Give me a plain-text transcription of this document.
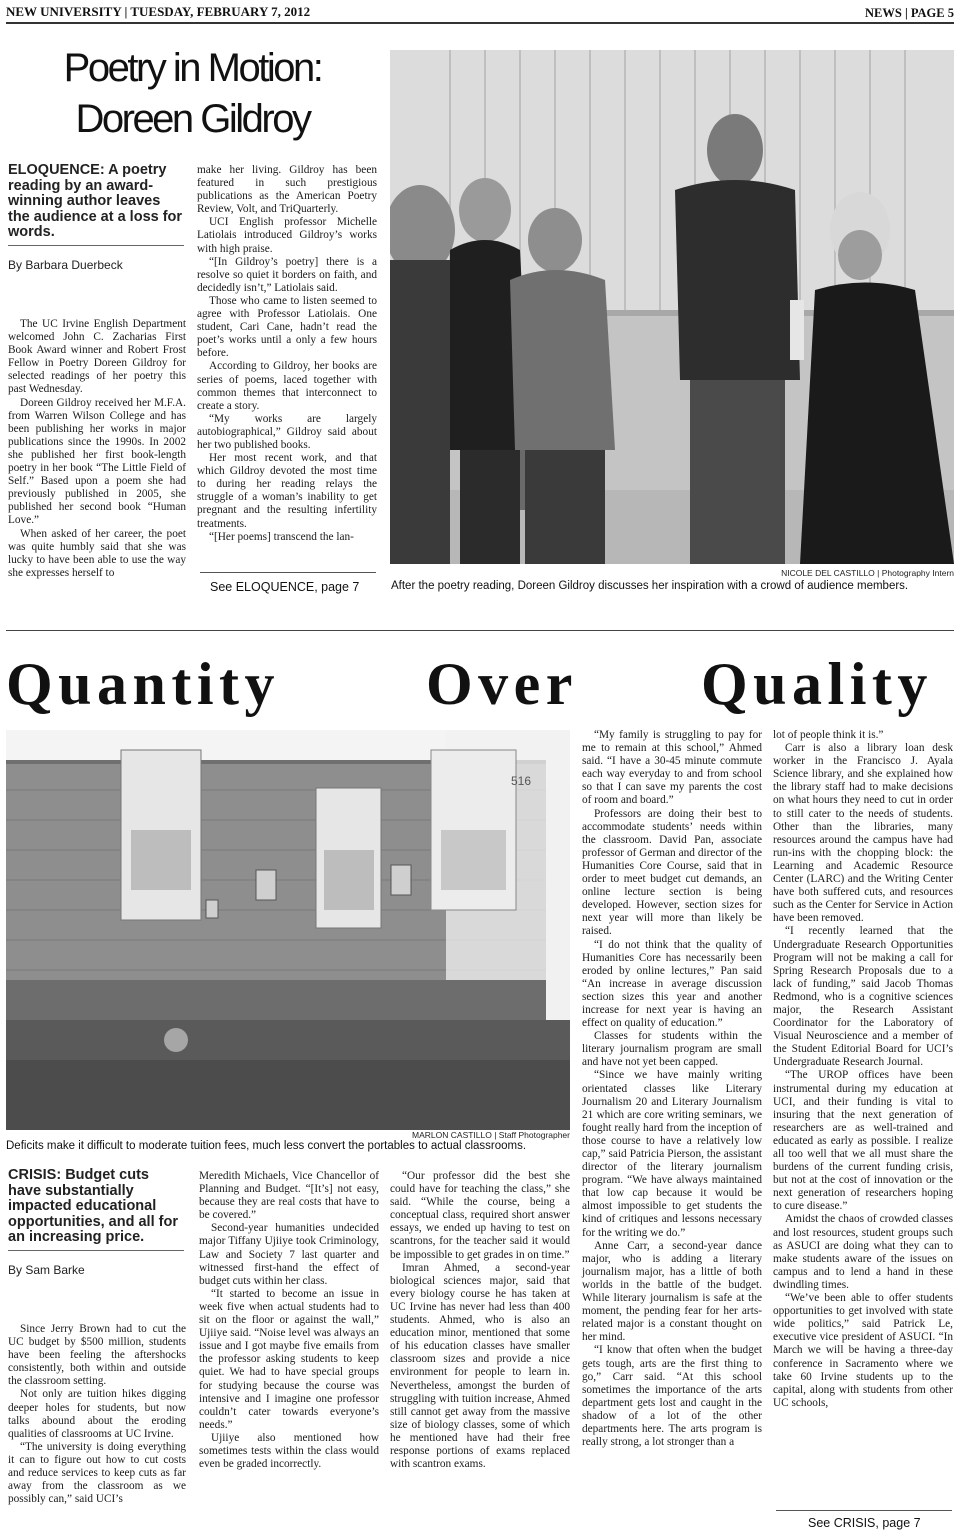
NEW UNIVERSITY | TUESDAY, FEBRUARY 7, 2012	NEWS | PAGE 5
Poetry in Motion:
Doreen Gildroy
ELOQUENCE: A poetry reading by an award-winning author leaves the audience at a loss for words.
By Barbara Duerbeck

The UC Irvine English Department welcomed John C. Zacharias First Book Award winner and Robert Frost Fellow in Poetry Doreen Gildroy for selected readings of her poetry this past Wednesday.

Doreen Gildroy received her M.F.A. from Warren Wilson College and has been publishing her works in major publications since the 1990s. In 2002 she published her first book-length poetry in her book “The Little Field of Self.” Based upon a poem she had previously published in 2005, she published her second book “Human Love.”

When asked of her career, the poet was quite humbly said that she was lucky to have been able to use the way she expresses herself to

make her living. Gildroy has been featured in such prestigious publications as the American Poetry Review, Volt, and TriQuarterly.

UCI English professor Michelle Latiolais introduced Gildroy’s works with high praise.

“[In Gildroy’s poetry] there is a resolve so quiet it borders on faith, and decidedly isn’t,” Latiolais said.

Those who came to listen seemed to agree with Professor Latiolais. One student, Cari Cane, hadn’t read the poet’s works until a only a few hours before.

According to Gildroy, her books are series of poems, laced together with common themes that interconnect to create a story.

“My works are largely autobiographical,” Gildroy said about her two published books.

Her most recent work, and that which Gildroy devoted the most time to during her reading relays the struggle of a woman’s inability to get pregnant and the resulting infertility treatments.

“[Her poems] transcend the lan-

See ELOQUENCE, page 7
NICOLE DEL CASTILLO | Photography Intern
After the poetry reading, Doreen Gildroy discusses her inspiration with a crowd of audience members.
Quantity Over Quality
516
MARLON CASTILLO | Staff Photographer
Deficits make it difficult to moderate tuition fees, much less convert the portables to actual classrooms.
CRISIS: Budget cuts have substantially impacted educational opportunities, and all for an increasing price.
By Sam Barke

Since Jerry Brown had to cut the UC budget by $500 million, students have been feeling the aftershocks consistently, both within and outside the classroom setting.

Not only are tuition hikes digging deeper holes for students, but now talks abound about the eroding qualities of classrooms at UC Irvine.

“The university is doing everything it can to figure out how to cut costs and reduce services to keep cuts as far away from the classroom as we possibly can,” said UCI’s

Meredith Michaels, Vice Chancellor of Planning and Budget. “[It’s] not easy, because they are real costs that have to be covered.”

Second-year humanities undecided major Tiffany Ujiiye took Criminology, Law and Society 7 last quarter and witnessed first-hand the effect of budget cuts within her class.

“It started to become an issue in week five when actual students had to sit on the floor or against the wall,” Ujiiye said. “Noise level was always an issue and I got maybe five emails from the professor asking students to keep quiet. We had to have special groups for studying because the course was intensive and I imagine one professor couldn’t cater towards everyone’s needs.”

Ujiiye also mentioned how sometimes tests within the class would even be graded incorrectly.

“Our professor did the best she could have for teaching the class,” she said. “While the course, being a conceptual class, required short answer essays, we ended up having to test on scantrons, for the teacher said it would be impossible to get grades in on time.”

Imran Ahmed, a second-year biological sciences major, said that every biology course he has taken at UC Irvine has never had less than 400 students. Ahmed, who is also an education minor, mentioned that some of his education classes have smaller classroom sizes and provide a nice environment for people to learn in. Nevertheless, amongst the burden of struggling with tuition increase, Ahmed still cannot get away from the massive size of biology classes, some of which he mentioned have had their free response portions of exams replaced with scantron exams.

“My family is struggling to pay for me to remain at this school,” Ahmed said. “I have a 30-45 minute commute each way everyday to and from school so that I can save my parents the cost of room and board.”

Professors are doing their best to accommodate students’ needs within the classroom. David Pan, associate professor of German and director of the Humanities Core Course, said that in order to meet budget cut demands, an online lecture section is being developed. However, section sizes for next year will more than likely be raised.

“I do not think that the quality of Humanities Core has necessarily been eroded by online lectures,” Pan said “An increase in average discussion section sizes this year and another increase for next year is having an effect on quality of education.”

Classes for students within the literary journalism program are small and have not yet been capped.

“Since we have mainly writing orientated classes like Literary Journalism 20 and Literary Journalism 21 which are core writing seminars, we fought really hard from the inception of those course to have a relatively low cap,” said Patricia Pierson, the assistant director of the literary journalism program. “We have always maintained that low cap because it would be almost impossible to get students the kind of critiques and lessons necessary for the writing we do.”

Anne Carr, a second-year dance major, who is adding a literary journalism major, has a little of both worlds in the battle of the budget. While literary journalism is safe at the moment, the pending fear for her arts-related major is a constant thought on her mind.

“I know that often when the budget gets tough, arts are the first thing to go,” Carr said. “At this school sometimes the importance of the arts department gets lost and caught in the shadow of a lot of the other departments here. The arts program is really strong, a lot stronger than a

lot of people think it is.”

Carr is also a library loan desk worker in the Francisco J. Ayala Science library, and she explained how the library staff had to make decisions on what hours they need to cut in order to still cater to the needs of students. Other than the libraries, many resources around the campus have had run-ins with the chopping block: the Learning and Academic Resource Center (LARC) and the Writing Center have both suffered cuts, and resources such as the Center for Service in Action have been removed.

“I recently learned that the Undergraduate Research Opportunities Program will not be making a call for Spring Research Proposals due to a lack of funding,” said Jacob Thomas Redmond, who is a cognitive sciences major, the Research Assistant Coordinator for the Laboratory of Visual Neuroscience and a member of the Student Editorial Board for UCI’s Undergraduate Research Journal.

“The UROP offices have been instrumental during my education at UCI, and their funding is vital to insuring that the next generation of researchers are as well-trained and educated as early as possible. I realize all too well that we all must share the burdens of the current funding crisis, but not at the cost of innovation or the next generation of researchers hoping to cure disease.”

Amidst the chaos of crowded classes and lost resources, student groups such as ASUCI are doing what they can to make students aware of the issues on campus and to lend a hand in these dwindling times.

“We’ve been able to offer students opportunities to get involved with state wide politics,” said Patrick Le, executive vice president of ASUCI. “In March we will be having a three-day conference in Sacramento where we take 60 Irvine students up to the capital, along with students from other UC schools,

See CRISIS, page 7
